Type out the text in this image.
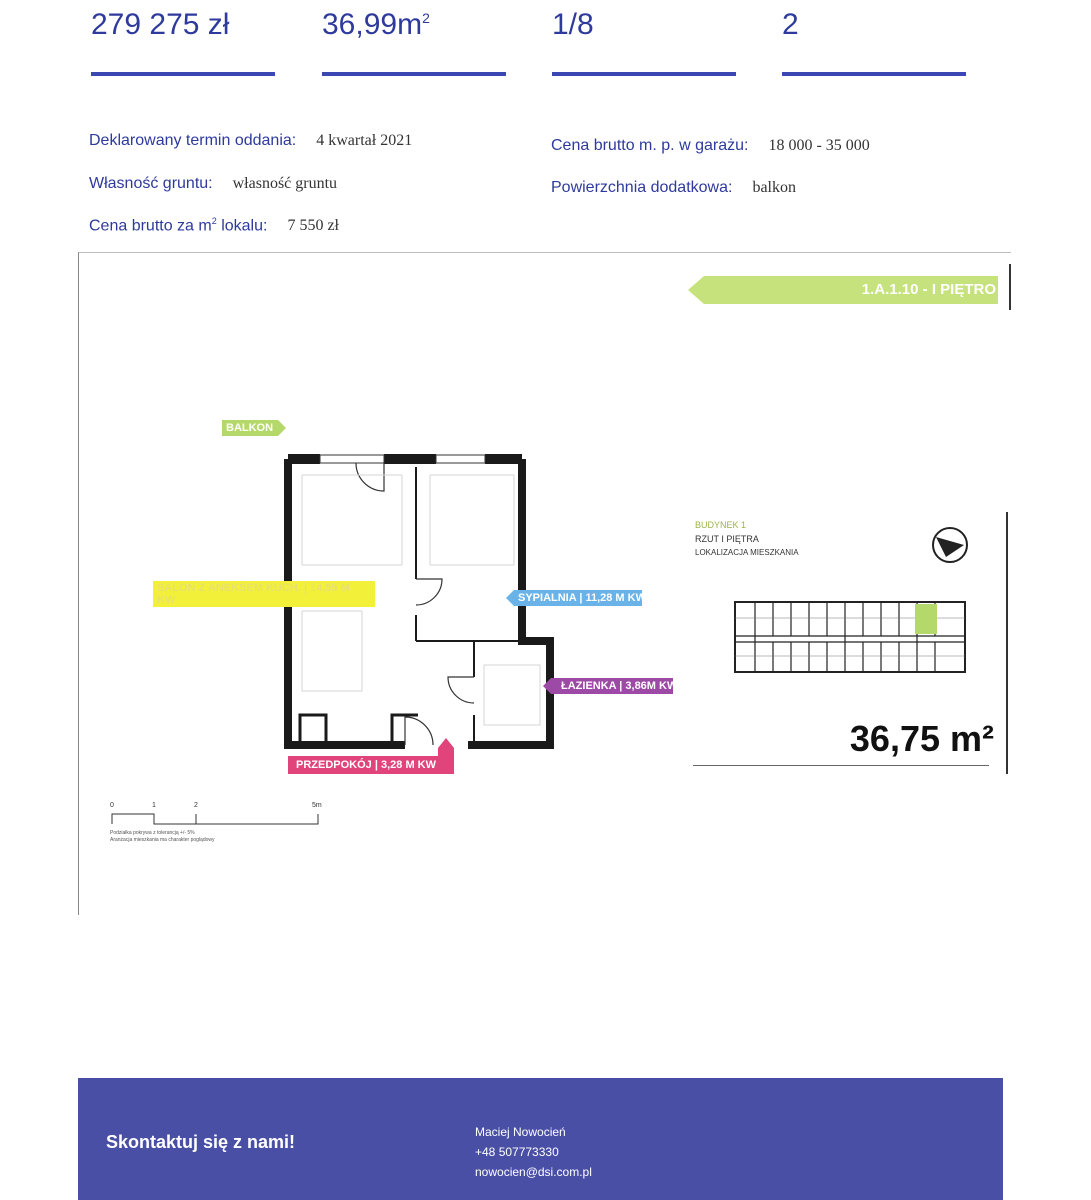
279 275 zł	$36,99m^2$	1/8	2
Deklarowany termin oddania: 4 kwartał 2021
Własność gruntu: własność gruntu
Cena brutto za $m^2$ lokalu: 7 550 zł
Cena brutto m. p. w garażu: 18 000 - 35 000
Powierzchnia dodatkowa: balkon
1.A.1.10 - I PIĘTRO
BALKON
SALON Z ANEKSEM KUCH. | 14,55 M KW	SYPIALNIA | 11,28 M KW
ŁAZIENKA | 3,86M KW
PRZEDPOKÓJ | 3,28 M KW
0	1	2	5m
Podziałka pokrywa z tolerancją +/- 5%
Aranżacja mieszkania ma charakter poglądowy
BUDYNEK 1
RZUT I PIĘTRA
LOKALIZACJA MIESZKANIA
36,75 m²
Skontaktuj się z nami!	Maciej Nowocień
+48 507773330
nowocien@dsi.com.pl
